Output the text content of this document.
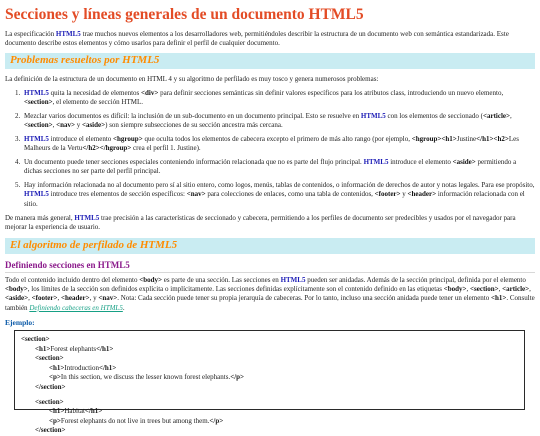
Secciones y líneas generales de un documento HTML5

La especificación HTML5 trae muchos nuevos elementos a los desarrolladores web, permitiéndoles describir la estructura de un documento web con semántica estandarizada. Este documento describe estos elementos y cómo usarlos para definir el perfil de cualquier documento.

Problemas resueltos por HTML5

La definición de la estructura de un documento en HTML 4 y su algoritmo de perfilado es muy tosco y genera numerosos problemas:

1. HTML5 quita la necesidad de elementos <div> para definir secciones semánticas sin definir valores específicos para los atributos class, introduciendo un nuevo elemento, <section>, el elemento de sección HTML.
2. Mezclar varios documentos es difícil: la inclusión de un sub-documento en un documento principal. Esto se resuelve en HTML5 con los elementos de seccionado (<article>, <section>, <nav> y <aside>) son siempre subsecciones de su sección ancestra más cercana.
3. HTML5 introduce el elemento <hgroup> que oculta todos los elementos de cabecera excepto el primero de más alto rango (por ejemplo, <hgroup><h1>Justine</h1><h2>Les Malheurs de la Vertu</h2></hgroup> crea el perfil 1. Justine).
4. Un documento puede tener secciones especiales conteniendo información relacionada que no es parte del flujo principal. HTML5 introduce el elemento <aside> permitiendo a dichas secciones no ser parte del perfil principal.
5. Hay información relacionada no al documento pero sí al sitio entero, como logos, menús, tablas de contenidos, o información de derechos de autor y notas legales. Para ese propósito, HTML5 introduce tres elementos de sección específicos: <nav> para colecciones de enlaces, como una tabla de contenidos, <footer> y <header> información relacionada con el sitio.

De manera más general, HTML5 trae precisión a las características de seccionado y cabecera, permitiendo a los perfiles de documento ser predecibles y usados por el navegador para mejorar la experiencia de usuario.

El algoritmo de perfilado de HTML5
Definiendo secciones en HTML5

Todo el contenido incluido dentro del elemento <body> es parte de una sección. Las secciones en HTML5 pueden ser anidadas. Además de la sección principal, definida por el elemento <body>, los límites de la sección son definidos explícita o implícitamente. Las secciones definidas explícitamente son el contenido definido en las etiquetas <body>, <section>, <article>, <aside>, <footer>, <header>, y <nav>. Nota: Cada sección puede tener su propia jerarquía de cabeceras. Por lo tanto, incluso una sección anidada puede tener un elemento <h1>. Consulte también Definiendo cabeceras en HTML5.

Ejemplo:
<section>
<h1>Forest elephants</h1>
<section>
<h1>Introduction</h1>
<p>In this section, we discuss the lesser known forest elephants.</p>
</section>
<section>
<h1>Habitat</h1>
<p>Forest elephants do not live in trees but among them.</p>
</section>
